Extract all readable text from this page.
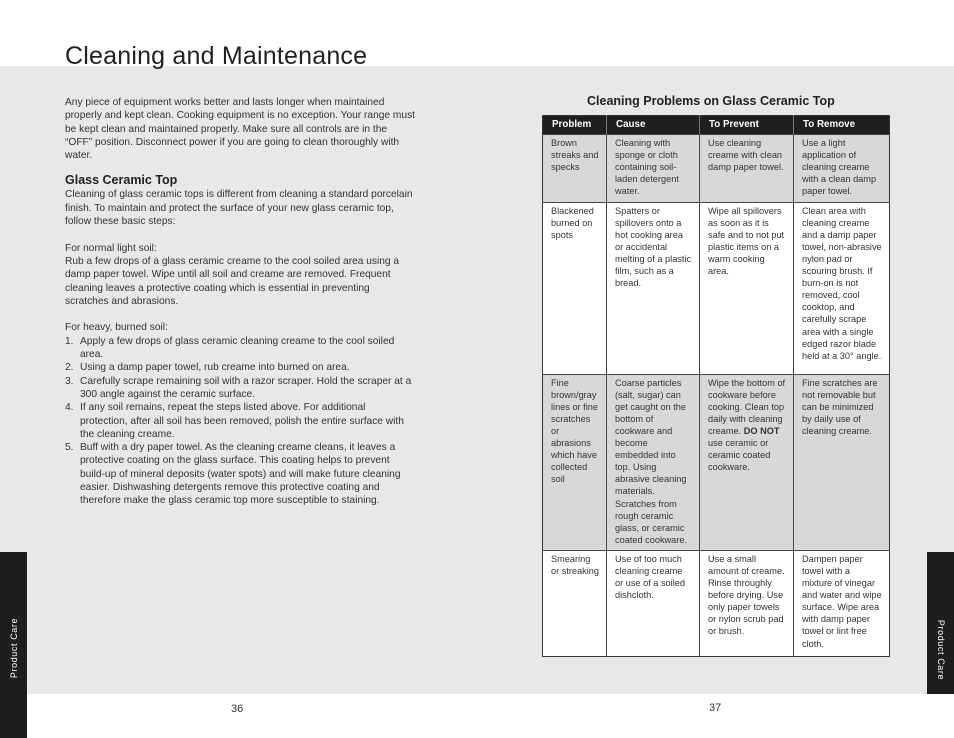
Cleaning and Maintenance

Any piece of equipment works better and lasts longer when maintained properly and kept clean. Cooking equipment is no exception. Your range must be kept clean and maintained properly. Make sure all controls are in the “OFF” position. Disconnect power if you are going to clean thoroughly with water.

Glass Ceramic Top

Cleaning of glass ceramic tops is different from cleaning a standard porcelain finish. To maintain and protect the surface of your new glass ceramic top, follow these basic steps:

For normal light soil:

Rub a few drops of a glass ceramic creame to the cool soiled area using a damp paper towel. Wipe until all soil and creame are removed. Frequent cleaning leaves a protective coating which is essential in preventing scratches and abrasions.

For heavy, burned soil:

1. Apply a few drops of glass ceramic cleaning creame to the cool soiled area.
2. Using a damp paper towel, rub creame into burned on area.
3. Carefully scrape remaining soil with a razor scraper. Hold the scraper at a 300 angle against the ceramic surface.
4. If any soil remains, repeat the steps listed above. For additional protection, after all soil has been removed, polish the entire surface with the cleaning creame.
5. Buff with a dry paper towel. As the cleaning creame cleans, it leaves a protective coating on the glass surface. This coating helps to prevent build-up of mineral deposits (water spots) and will make future cleaning easier. Dishwashing detergents remove this protective coating and therefore make the glass ceramic top more susceptible to staining.
Cleaning Problems on Glass Ceramic Top
Problem	Cause	To Prevent	To Remove
Brown streaks and specks	Cleaning with sponge or cloth containing soil-laden detergent water.	Use cleaning creame with clean damp paper towel.	Use a light application of cleaning creame with a clean damp paper towel.
Blackened burned on spots	Spatters or spillovers onto a hot cooking area or accidental melting of a plastic film, such as a bread.	Wipe all spillovers as soon as it is safe and to not put plastic items on a warm cooking area.	Clean area with cleaning creame and a damp paper towel, non-abrasive nylon pad or scouring brush. If burn-on is not removed, cool cooktop, and carefully scrape area with a single edged razor blade held at a 30° angle.
Fine brown/gray lines or fine scratches or abrasions which have collected soil	Coarse particles (salt, sugar) can get caught on the bottom of cookware and become embedded into top. Using abrasive cleaning materials. Scratches from rough ceramic glass, or ceramic coated cookware.	Wipe the bottom of cookware before cooking. Clean top daily with cleaning creame. DO NOT use ceramic or ceramic coated cookware.	Fine scratches are not removable but can be minimized by daily use of cleaning creame.
Smearing or streaking	Use of too much cleaning creame or use of a soiled dishcloth.	Use a small amount of creame. Rinse throughly before drying. Use only paper towels or nylon scrub pad or brush.	Dampen paper towel with a mixture of vinegar and water and wipe surface. Wipe area with damp paper towel or lint free cloth.
Product Care	Product Care
36	37
